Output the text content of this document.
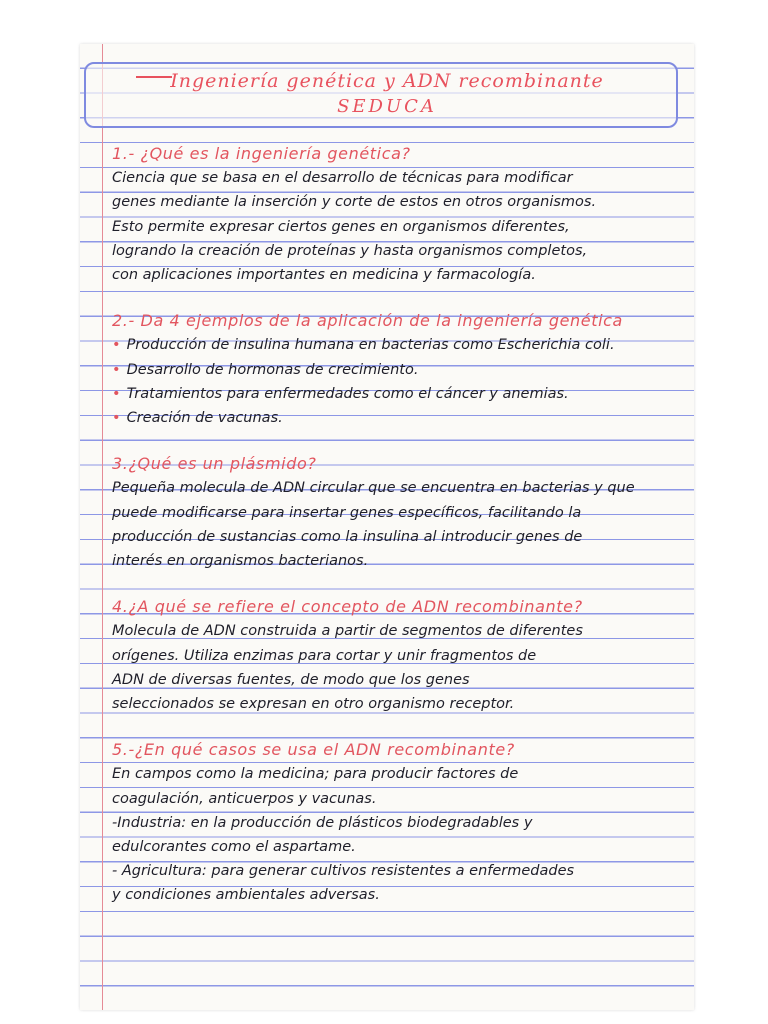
Ingeniería genética y ADN recombinante
SEDUCA

1.- ¿Qué es la ingeniería genética?

Ciencia que se basa en el desarrollo de técnicas para modificar

genes mediante la inserción y corte de estos en otros organismos.

Esto permite expresar ciertos genes en organismos diferentes,

logrando la creación de proteínas y hasta organismos completos,

con aplicaciones importantes en medicina y farmacología.

2.- Da 4 ejemplos de la aplicación de la ingeniería genética

• Producción de insulina humana en bacterias como Escherichia coli.
• Desarrollo de hormonas de crecimiento.
• Tratamientos para enfermedades como el cáncer y anemias.
• Creación de vacunas.

3.¿Qué es un plásmido?

Pequeña molecula de ADN circular que se encuentra en bacterias y que

puede modificarse para insertar genes específicos, facilitando la

producción de sustancias como la insulina al introducir genes de

interés en organismos bacterianos.

4.¿A qué se refiere el concepto de ADN recombinante?

Molecula de ADN construida a partir de segmentos de diferentes

orígenes. Utiliza enzimas para cortar y unir fragmentos de

ADN de diversas fuentes, de modo que los genes

seleccionados se expresan en otro organismo receptor.

5.-¿En qué casos se usa el ADN recombinante?

En campos como la medicina; para producir factores de

coagulación, anticuerpos y vacunas.

-Industria: en la producción de plásticos biodegradables y

edulcorantes como el aspartame.

- Agricultura: para generar cultivos resistentes a enfermedades

y condiciones ambientales adversas.
